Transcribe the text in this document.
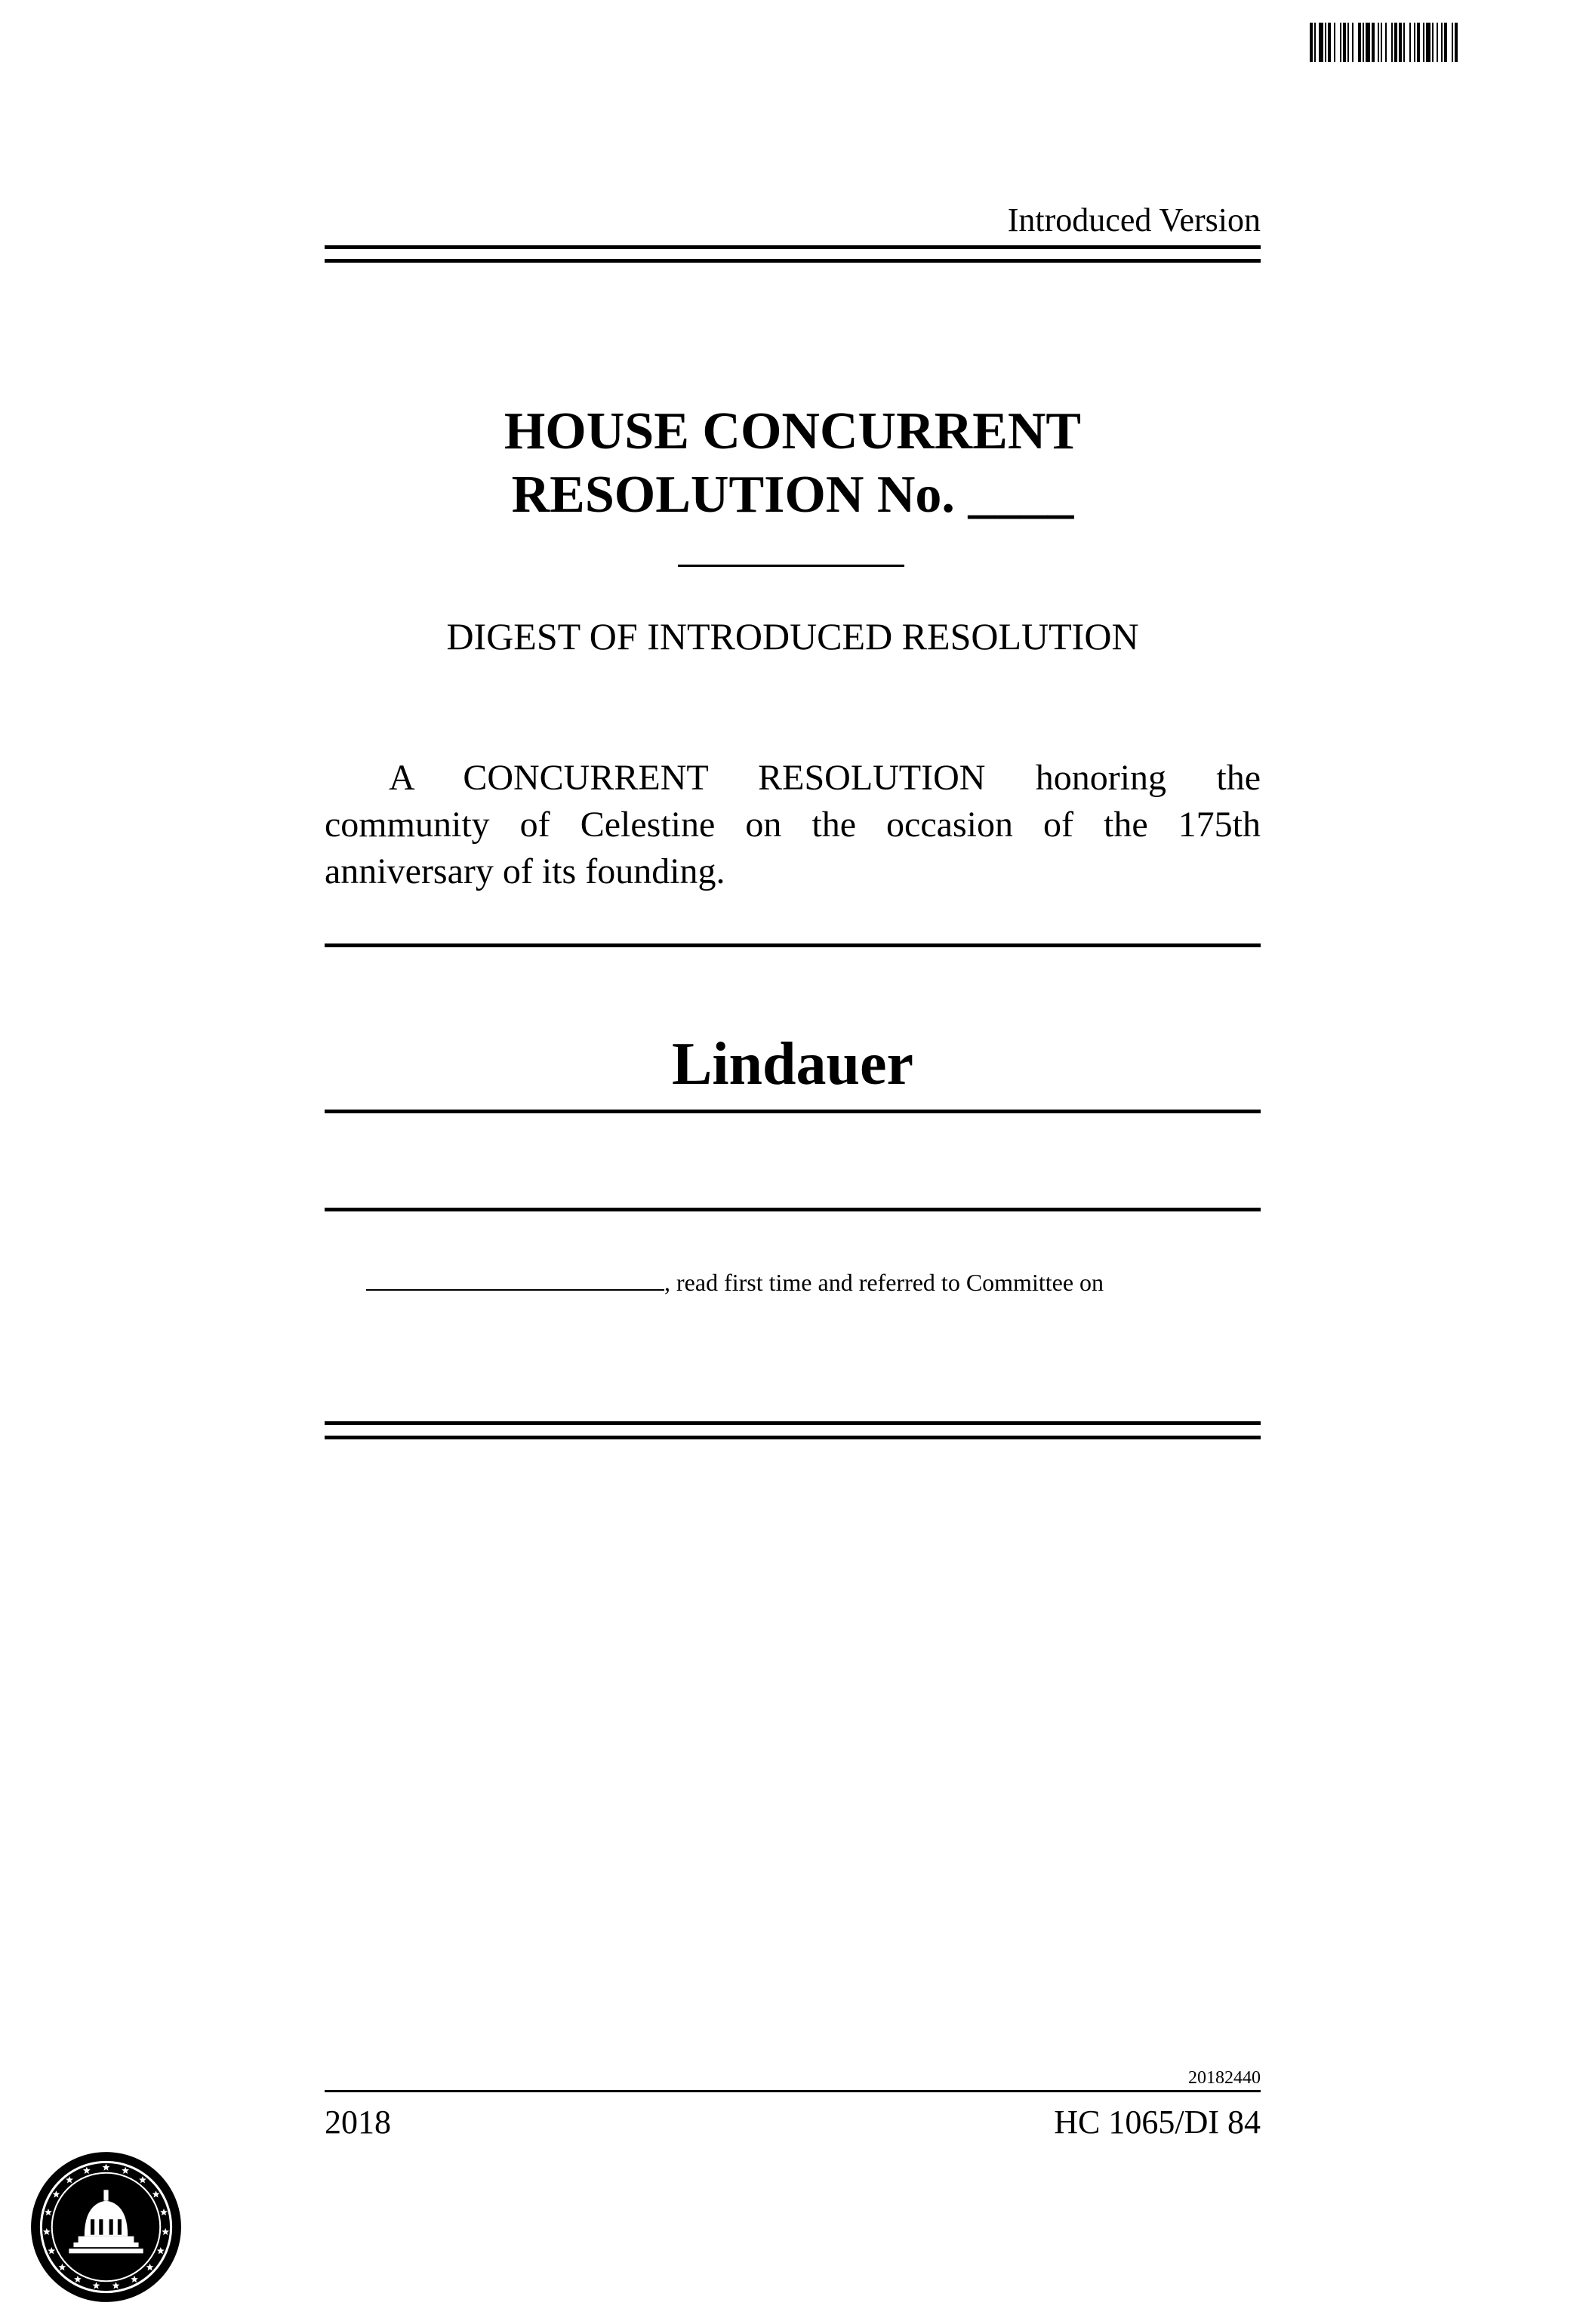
Introduced Version
HOUSE CONCURRENT
RESOLUTION No. ____
DIGEST OF INTRODUCED RESOLUTION
A CONCURRENT RESOLUTION honoring the community of Celestine on the occasion of the 175th anniversary of its founding.
Lindauer
, read first time and referred to Committee on
20182440
2018	HC 1065/DI 84
